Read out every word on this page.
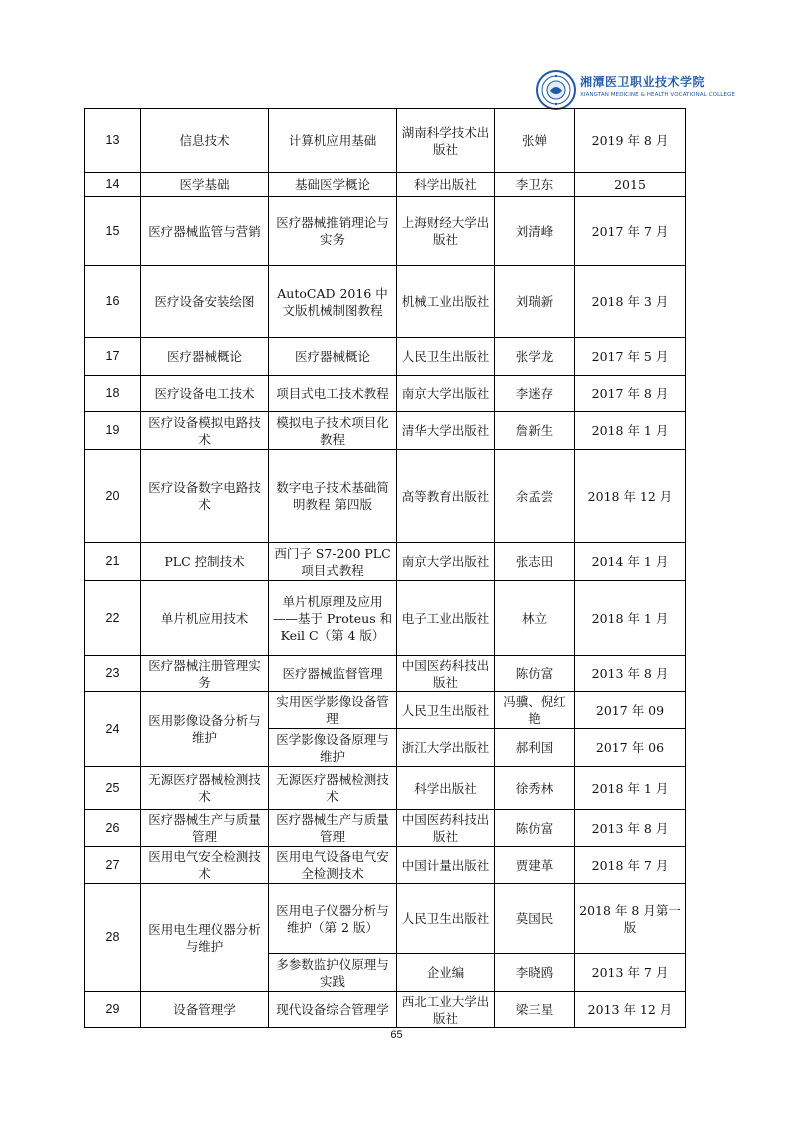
湘潭医卫职业技术学院
XIANGTAN MEDICINE & HEALTH VOCATIONAL COLLEGE
13	信息技术	计算机应用基础	湖南科学技术出版社	张婵	2019 年 8 月
14	医学基础	基础医学概论	科学出版社	李卫东	2015
15	医疗器械监管与营销	医疗器械推销理论与实务	上海财经大学出版社	刘清峰	2017 年 7 月
16	医疗设备安装绘图	AutoCAD 2016 中文版机械制图教程	机械工业出版社	刘瑞新	2018 年 3 月
17	医疗器械概论	医疗器械概论	人民卫生出版社	张学龙	2017 年 5 月
18	医疗设备电工技术	项目式电工技术教程	南京大学出版社	李迷存	2017 年 8 月
19	医疗设备模拟电路技术	模拟电子技术项目化教程	清华大学出版社	詹新生	2018 年 1 月
20	医疗设备数字电路技术	数字电子技术基础简明教程 第四版	高等教育出版社	余孟尝	2018 年 12 月
21	PLC 控制技术	西门子 S7-200 PLC 项目式教程	南京大学出版社	张志田	2014 年 1 月
22	单片机应用技术	单片机原理及应用——基于 Proteus 和 Keil C（第 4 版）	电子工业出版社	林立	2018 年 1 月
23	医疗器械注册管理实务	医疗器械监督管理	中国医药科技出版社	陈仿富	2013 年 8 月
24	医用影像设备分析与维护	实用医学影像设备管理	人民卫生出版社	冯骥、倪红艳	2017 年 09
		医学影像设备原理与维护	浙江大学出版社	郝利国	2017 年 06
25	无源医疗器械检测技术	无源医疗器械检测技术	科学出版社	徐秀林	2018 年 1 月
26	医疗器械生产与质量管理	医疗器械生产与质量管理	中国医药科技出版社	陈仿富	2013 年 8 月
27	医用电气安全检测技术	医用电气设备电气安全检测技术	中国计量出版社	贾建革	2018 年 7 月
28	医用电生理仪器分析与维护	医用电子仪器分析与维护（第 2 版）	人民卫生出版社	莫国民	2018 年 8 月第一版
		多参数监护仪原理与实践	企业编	李晓鸥	2013 年 7 月
29	设备管理学	现代设备综合管理学	西北工业大学出版社	梁三星	2013 年 12 月
65
